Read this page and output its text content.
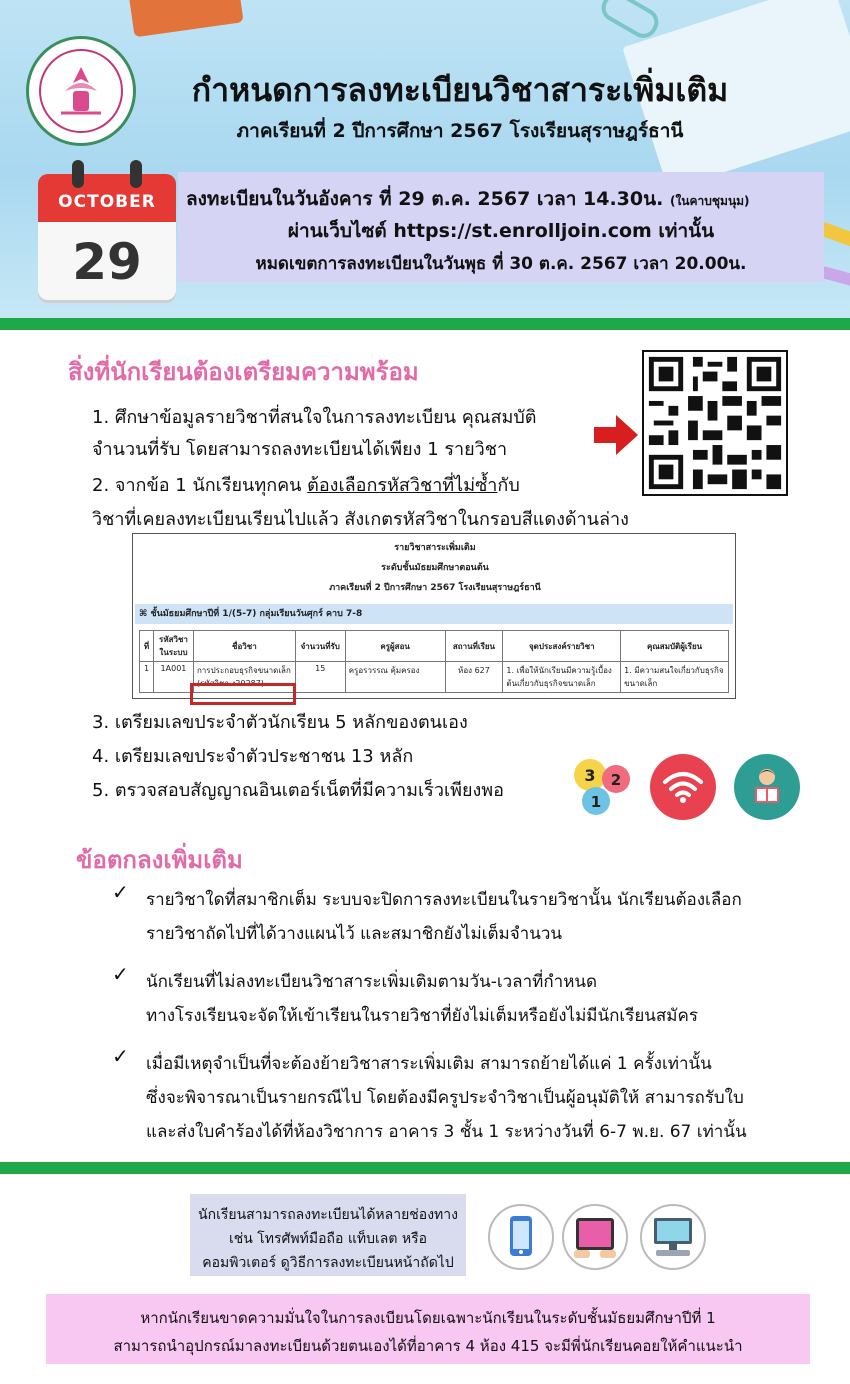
กำหนดการลงทะเบียนวิชาสาระเพิ่มเติม
ภาคเรียนที่ 2 ปีการศึกษา 2567 โรงเรียนสุราษฎร์ธานี
OCTOBER
29
ลงทะเบียนในวันอังคาร ที่ 29 ต.ค. 2567 เวลา 14.30น. (ในคาบชุมนุม)
ผ่านเว็บไซต์ https://st.enrolljoin.com เท่านั้น
หมดเขตการลงทะเบียนในวันพุธ ที่ 30 ต.ค. 2567 เวลา 20.00น.
สิ่งที่นักเรียนต้องเตรียมความพร้อม
1. ศึกษาข้อมูลรายวิชาที่สนใจในการลงทะเบียน คุณสมบัติ
จำนวนที่รับ โดยสามารถลงทะเบียนได้เพียง 1 รายวิชา
2. จากข้อ 1 นักเรียนทุกคน ต้องเลือกรหัสวิชาที่ไม่ซ้ำกับ
วิชาที่เคยลงทะเบียนเรียนไปแล้ว สังเกตรหัสวิชาในกรอบสีแดงด้านล่าง
รายวิชาสาระเพิ่มเติม
ระดับชั้นมัธยมศึกษาตอนต้น
ภาคเรียนที่ 2 ปีการศึกษา 2567 โรงเรียนสุราษฎร์ธานี
⌘ ชั้นมัธยมศึกษาปีที่ 1/(5-7) กลุ่มเรียนวันศุกร์ คาบ 7-8
ที่	รหัสวิชาในระบบ	ชื่อวิชา	จำนวนที่รับ	ครูผู้สอน	สถานที่เรียน	จุดประสงค์รายวิชา	คุณสมบัติผู้เรียน
1	1A001	การประกอบธุรกิจขนาดเล็ก
(รหัสวิชา ง20287)	15	ครูอรวรรณ คุ้มครอง	ห้อง 627	1. เพื่อให้นักเรียนมีความรู้เบื้องต้นเกี่ยวกับธุรกิจขนาดเล็ก	1. มีความสนใจเกี่ยวกับธุรกิจขนาดเล็ก
3. เตรียมเลขประจำตัวนักเรียน 5 หลักของตนเอง
4. เตรียมเลขประจำตัวประชาชน 13 หลัก
5. ตรวจสอบสัญญาณอินเตอร์เน็ตที่มีความเร็วเพียงพอ
3 2
1
ข้อตกลงเพิ่มเติม
✓ รายวิชาใดที่สมาชิกเต็ม ระบบจะปิดการลงทะเบียนในรายวิชานั้น นักเรียนต้องเลือก
รายวิชาถัดไปที่ได้วางแผนไว้ และสมาชิกยังไม่เต็มจำนวน
✓ นักเรียนที่ไม่ลงทะเบียนวิชาสาระเพิ่มเติมตามวัน-เวลาที่กำหนด
ทางโรงเรียนจะจัดให้เข้าเรียนในรายวิชาที่ยังไม่เต็มหรือยังไม่มีนักเรียนสมัคร
✓ เมื่อมีเหตุจำเป็นที่จะต้องย้ายวิชาสาระเพิ่มเติม สามารถย้ายได้แค่ 1 ครั้งเท่านั้น
ซึ่งจะพิจารณาเป็นรายกรณีไป โดยต้องมีครูประจำวิชาเป็นผู้อนุมัติให้ สามารถรับใบ
และส่งใบคำร้องได้ที่ห้องวิชาการ อาคาร 3 ชั้น 1 ระหว่างวันที่ 6-7 พ.ย. 67 เท่านั้น
นักเรียนสามารถลงทะเบียนได้หลายช่องทาง
เช่น โทรศัพท์มือถือ แท็บเลต หรือ
คอมพิวเตอร์ ดูวิธีการลงทะเบียนหน้าถัดไป
หากนักเรียนขาดความมั่นใจในการลงเบียนโดยเฉพาะนักเรียนในระดับชั้นมัธยมศึกษาปีที่ 1
สามารถนำอุปกรณ์มาลงทะเบียนด้วยตนเองได้ที่อาคาร 4 ห้อง 415 จะมีพี่นักเรียนคอยให้คำแนะนำ
